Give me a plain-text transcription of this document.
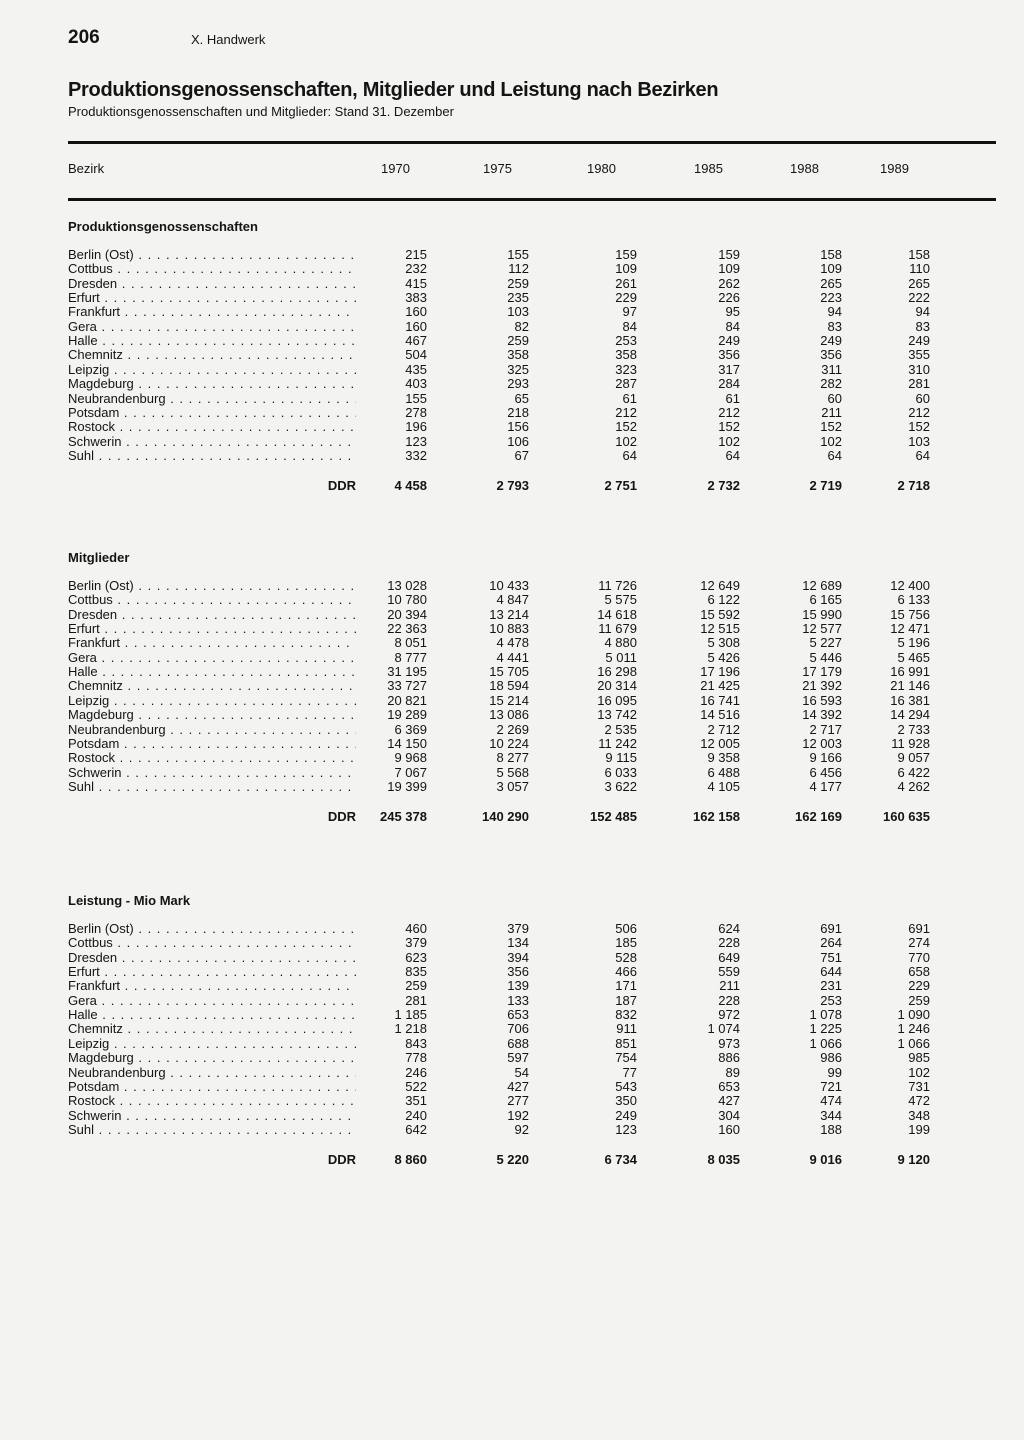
206	X. Handwerk
Produktionsgenossenschaften, Mitglieder und Leistung nach Bezirken
Produktionsgenossenschaften und Mitglieder: Stand 31. Dezember
Bezirk	1970	1975	1980	1985	1988	1989
Produktionsgenossenschaften
Berlin (Ost) . . .	215	155	159	159	158	158
Cottbus . . .	232	112	109	109	109	110
Dresden . . .	415	259	261	262	265	265
Erfurt . . .	383	235	229	226	223	222
Frankfurt . . .	160	103	97	95	94	94
Gera . . .	160	82	84	84	83	83
Halle . . .	467	259	253	249	249	249
Chemnitz . . .	504	358	358	356	356	355
Leipzig . . .	435	325	323	317	311	310
Magdeburg . . .	403	293	287	284	282	281
Neubrandenburg . . .	155	65	61	61	60	60
Potsdam . . .	278	218	212	212	211	212
Rostock . . .	196	156	152	152	152	152
Schwerin . . .	123	106	102	102	102	103
Suhl . . .	332	67	64	64	64	64
DDR	4 458	2 793	2 751	2 732	2 719	2 718
Mitglieder
Berlin (Ost) . . .	13 028	10 433	11 726	12 649	12 689	12 400
Cottbus . . .	10 780	4 847	5 575	6 122	6 165	6 133
Dresden . . .	20 394	13 214	14 618	15 592	15 990	15 756
Erfurt . . .	22 363	10 883	11 679	12 515	12 577	12 471
Frankfurt . . .	8 051	4 478	4 880	5 308	5 227	5 196
Gera . . .	8 777	4 441	5 011	5 426	5 446	5 465
Halle . . .	31 195	15 705	16 298	17 196	17 179	16 991
Chemnitz . . .	33 727	18 594	20 314	21 425	21 392	21 146
Leipzig . . .	20 821	15 214	16 095	16 741	16 593	16 381
Magdeburg . . .	19 289	13 086	13 742	14 516	14 392	14 294
Neubrandenburg . . .	6 369	2 269	2 535	2 712	2 717	2 733
Potsdam . . .	14 150	10 224	11 242	12 005	12 003	11 928
Rostock . . .	9 968	8 277	9 115	9 358	9 166	9 057
Schwerin . . .	7 067	5 568	6 033	6 488	6 456	6 422
Suhl . . .	19 399	3 057	3 622	4 105	4 177	4 262
DDR 245 378	140 290	152 485	162 158	162 169	160 635
Leistung - Mio Mark
Berlin (Ost) . . .	460	379	506	624	691	691
Cottbus . . .	379	134	185	228	264	274
Dresden . . .	623	394	528	649	751	770
Erfurt . . .	835	356	466	559	644	658
Frankfurt . . .	259	139	171	211	231	229
Gera . . .	281	133	187	228	253	259
Halle . . .	1 185	653	832	972	1 078	1 090
Chemnitz . . .	1 218	706	911	1 074	1 225	1 246
Leipzig . . .	843	688	851	973	1 066	1 066
Magdeburg . . .	778	597	754	886	986	985
Neubrandenburg . . .	246	54	77	89	99	102
Potsdam . . .	522	427	543	653	721	731
Rostock . . .	351	277	350	427	474	472
Schwerin . . .	240	192	249	304	344	348
Suhl . . .	642	92	123	160	188	199
DDR	8 860	5 220	6 734	8 035	9 016	9 120
